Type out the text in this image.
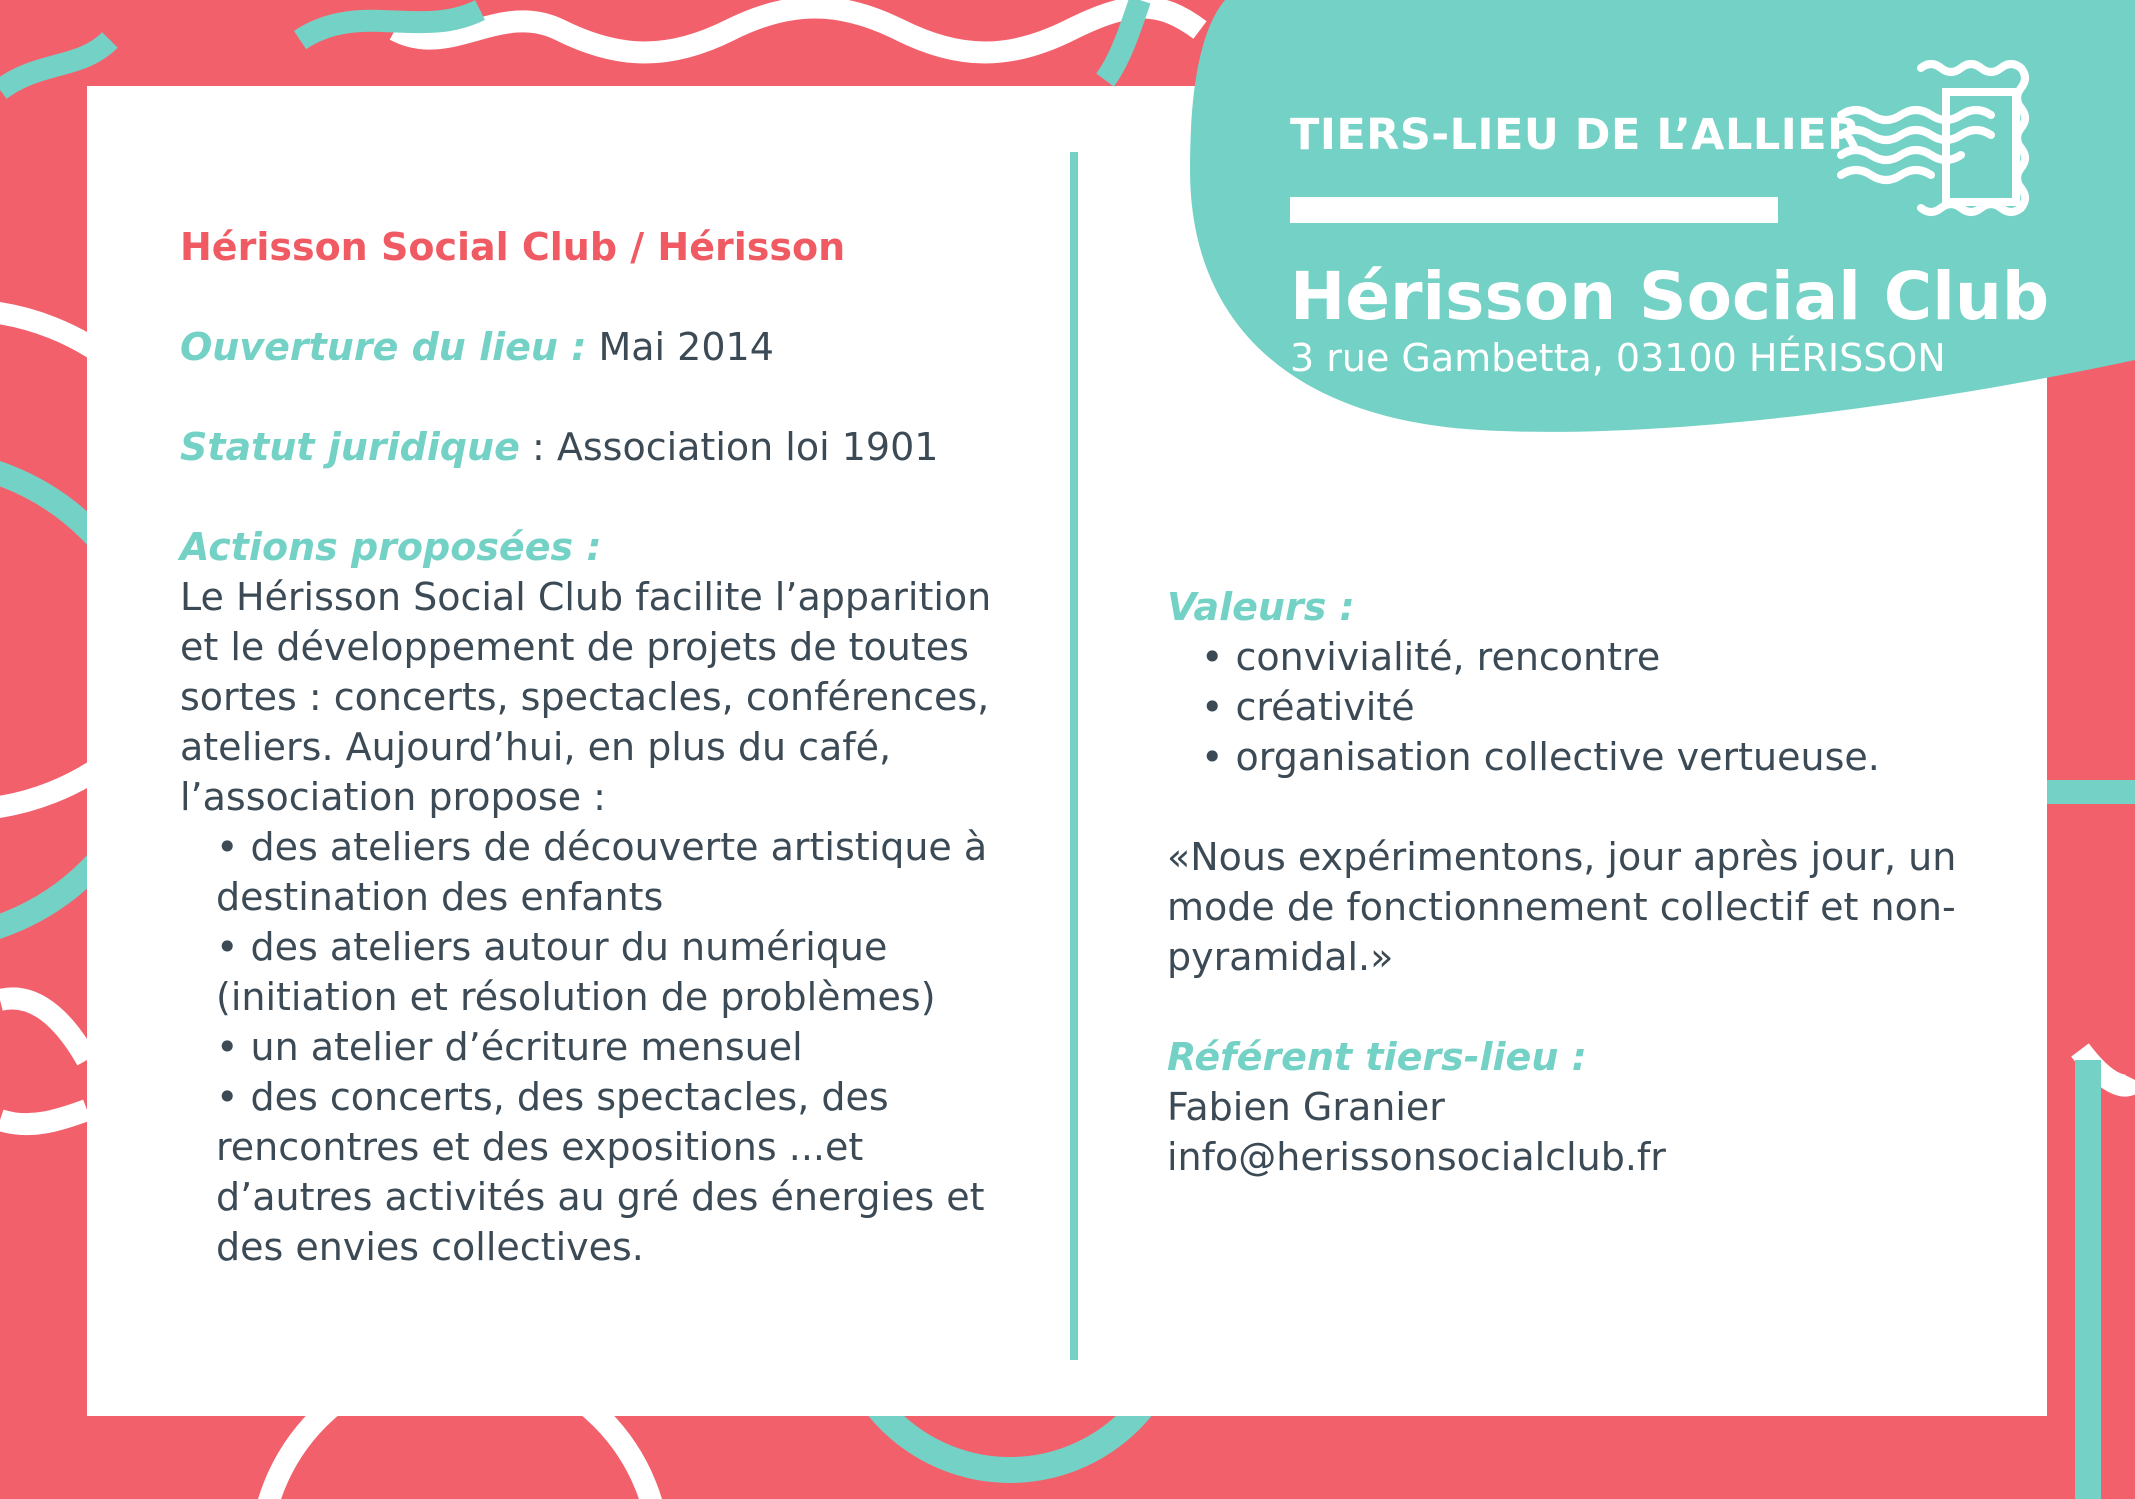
TIERS-LIEU DE L’ALLIER
Hérisson Social Club
3 rue Gambetta, 03100 HÉRISSON

Hérisson Social Club / Hérisson

Ouverture du lieu : Mai 2014

Statut juridique : Association loi 1901

Actions proposées :

Le Hérisson Social Club facilite l’apparition et le développement de projets de toutes sortes : concerts, spectacles, conférences, ateliers. Aujourd’hui, en plus du café, l’association propose :

• des ateliers de découverte artistique à destination des enfants
• des ateliers autour du numérique (initiation et résolution de problèmes)
• un atelier d’écriture mensuel
• des concerts, des spectacles, des rencontres et des expositions ...et d’autres activités au gré des énergies et des envies collectives.

Valeurs :

• convivialité, rencontre
• créativité
• organisation collective vertueuse.

«Nous expérimentons, jour après jour, un mode de fonctionnement collectif et non-pyramidal.»

Référent tiers-lieu :

Fabien Granier

info@herissonsocialclub.fr
